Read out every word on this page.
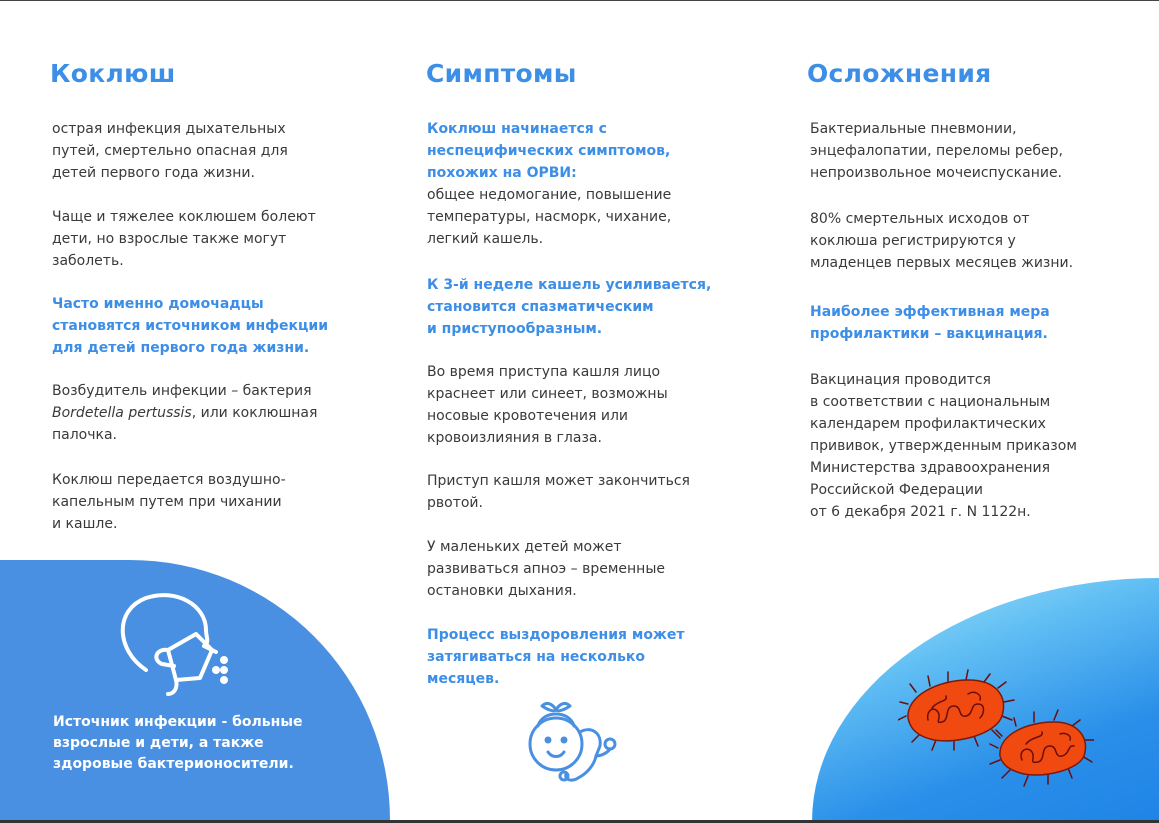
Коклюш
острая инфекция дыхательных
путей, смертельно опасная для
детей первого года жизни.
Чаще и тяжелее коклюшем болеют
дети, но взрослые также могут
заболеть.
Часто именно домочадцы
становятся источником инфекции
для детей первого года жизни.
Возбудитель инфекции – бактерия
Bordetella pertussis, или коклюшная
палочка.
Коклюш передается воздушно-
капельным путем при чихании
и кашле.
Источник инфекции - больные
взрослые и дети, а также
здоровые бактерионосители.
Симптомы
Коклюш начинается с
неспецифических симптомов,
похожих на ОРВИ:
общее недомогание, повышение
температуры, насморк, чихание,
легкий кашель.
К 3-й неделе кашель усиливается,
становится спазматическим
и приступообразным.
Во время приступа кашля лицо
краснеет или синеет, возможны
носовые кровотечения или
кровоизлияния в глаза.
Приступ кашля может закончиться
рвотой.
У маленьких детей может
развиваться апноэ – временные
остановки дыхания.
Процесс выздоровления может
затягиваться на несколько
месяцев.
Осложнения
Бактериальные пневмонии,
энцефалопатии, переломы ребер,
непроизвольное мочеиспускание.
80% смертельных исходов от
коклюша регистрируются у
младенцев первых месяцев жизни.
Наиболее эффективная мера
профилактики – вакцинация.
Вакцинация проводится
в соответствии с национальным
календарем профилактических
прививок, утвержденным приказом
Министерства здравоохранения
Российской Федерации
от 6 декабря 2021 г. N 1122н.
